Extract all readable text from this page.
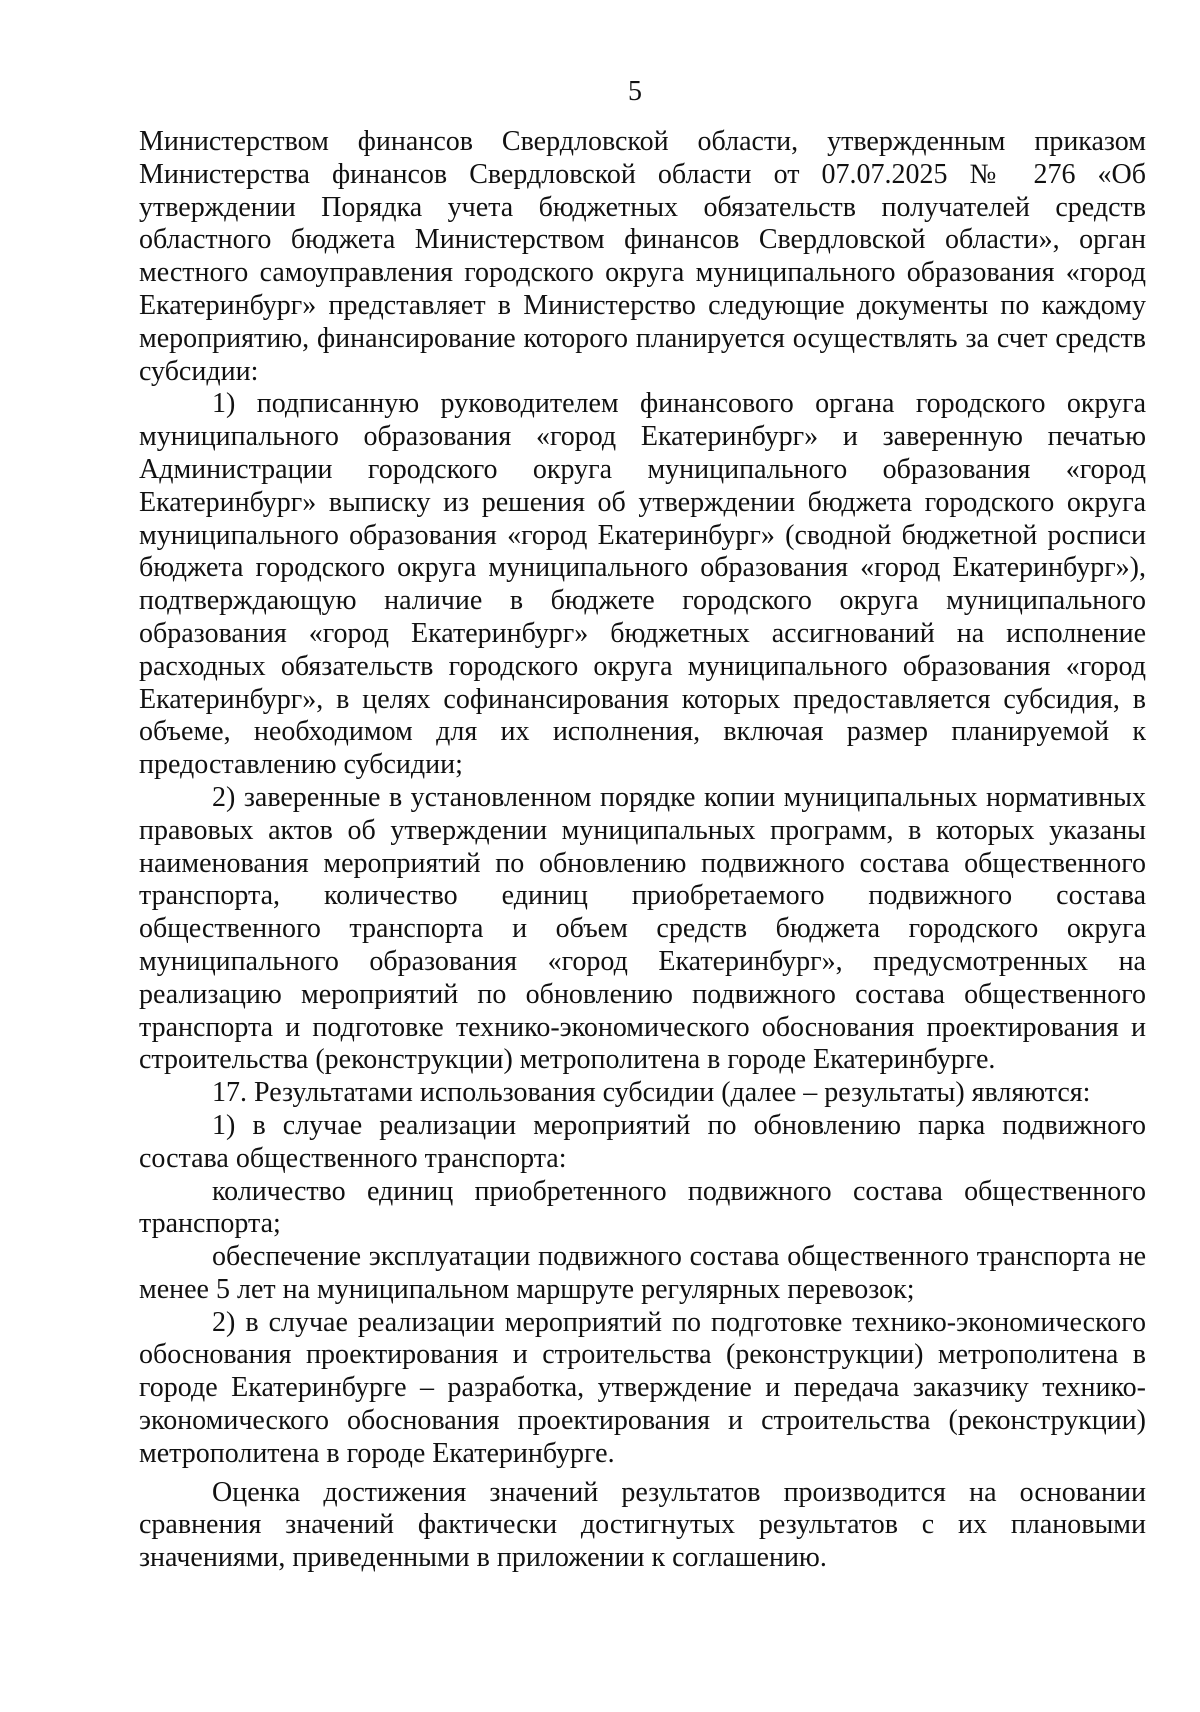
5

Министерством финансов Свердловской области, утвержденным приказом Министерства финансов Свердловской области от 07.07.2025 № 276 «Об утверждении Порядка учета бюджетных обязательств получателей средств областного бюджета Министерством финансов Свердловской области», орган местного самоуправления городского округа муниципального образования «город Екатеринбург» представляет в Министерство следующие документы по каждому мероприятию, финансирование которого планируется осуществлять за счет средств субсидии:

1) подписанную руководителем финансового органа городского округа муниципального образования «город Екатеринбург» и заверенную печатью Администрации городского округа муниципального образования «город Екатеринбург» выписку из решения об утверждении бюджета городского округа муниципального образования «город Екатеринбург» (сводной бюджетной росписи бюджета городского округа муниципального образования «город Екатеринбург»), подтверждающую наличие в бюджете городского округа муниципального образования «город Екатеринбург» бюджетных ассигнований на исполнение расходных обязательств городского округа муниципального образования «город Екатеринбург», в целях софинансирования которых предоставляется субсидия, в объеме, необходимом для их исполнения, включая размер планируемой к предоставлению субсидии;

2) заверенные в установленном порядке копии муниципальных нормативных правовых актов об утверждении муниципальных программ, в которых указаны наименования мероприятий по обновлению подвижного состава общественного транспорта, количество единиц приобретаемого подвижного состава общественного транспорта и объем средств бюджета городского округа муниципального образования «город Екатеринбург», предусмотренных на реализацию мероприятий по обновлению подвижного состава общественного транспорта и подготовке технико-экономического обоснования проектирования и строительства (реконструкции) метрополитена в городе Екатеринбурге.

17. Результатами использования субсидии (далее – результаты) являются:

1) в случае реализации мероприятий по обновлению парка подвижного состава общественного транспорта:

количество единиц приобретенного подвижного состава общественного транспорта;

обеспечение эксплуатации подвижного состава общественного транспорта не менее 5 лет на муниципальном маршруте регулярных перевозок;

2) в случае реализации мероприятий по подготовке технико-экономического обоснования проектирования и строительства (реконструкции) метрополитена в городе Екатеринбурге – разработка, утверждение и передача заказчику технико-экономического обоснования проектирования и строительства (реконструкции) метрополитена в городе Екатеринбурге.

Оценка достижения значений результатов производится на основании сравнения значений фактически достигнутых результатов с их плановыми значениями, приведенными в приложении к соглашению.
